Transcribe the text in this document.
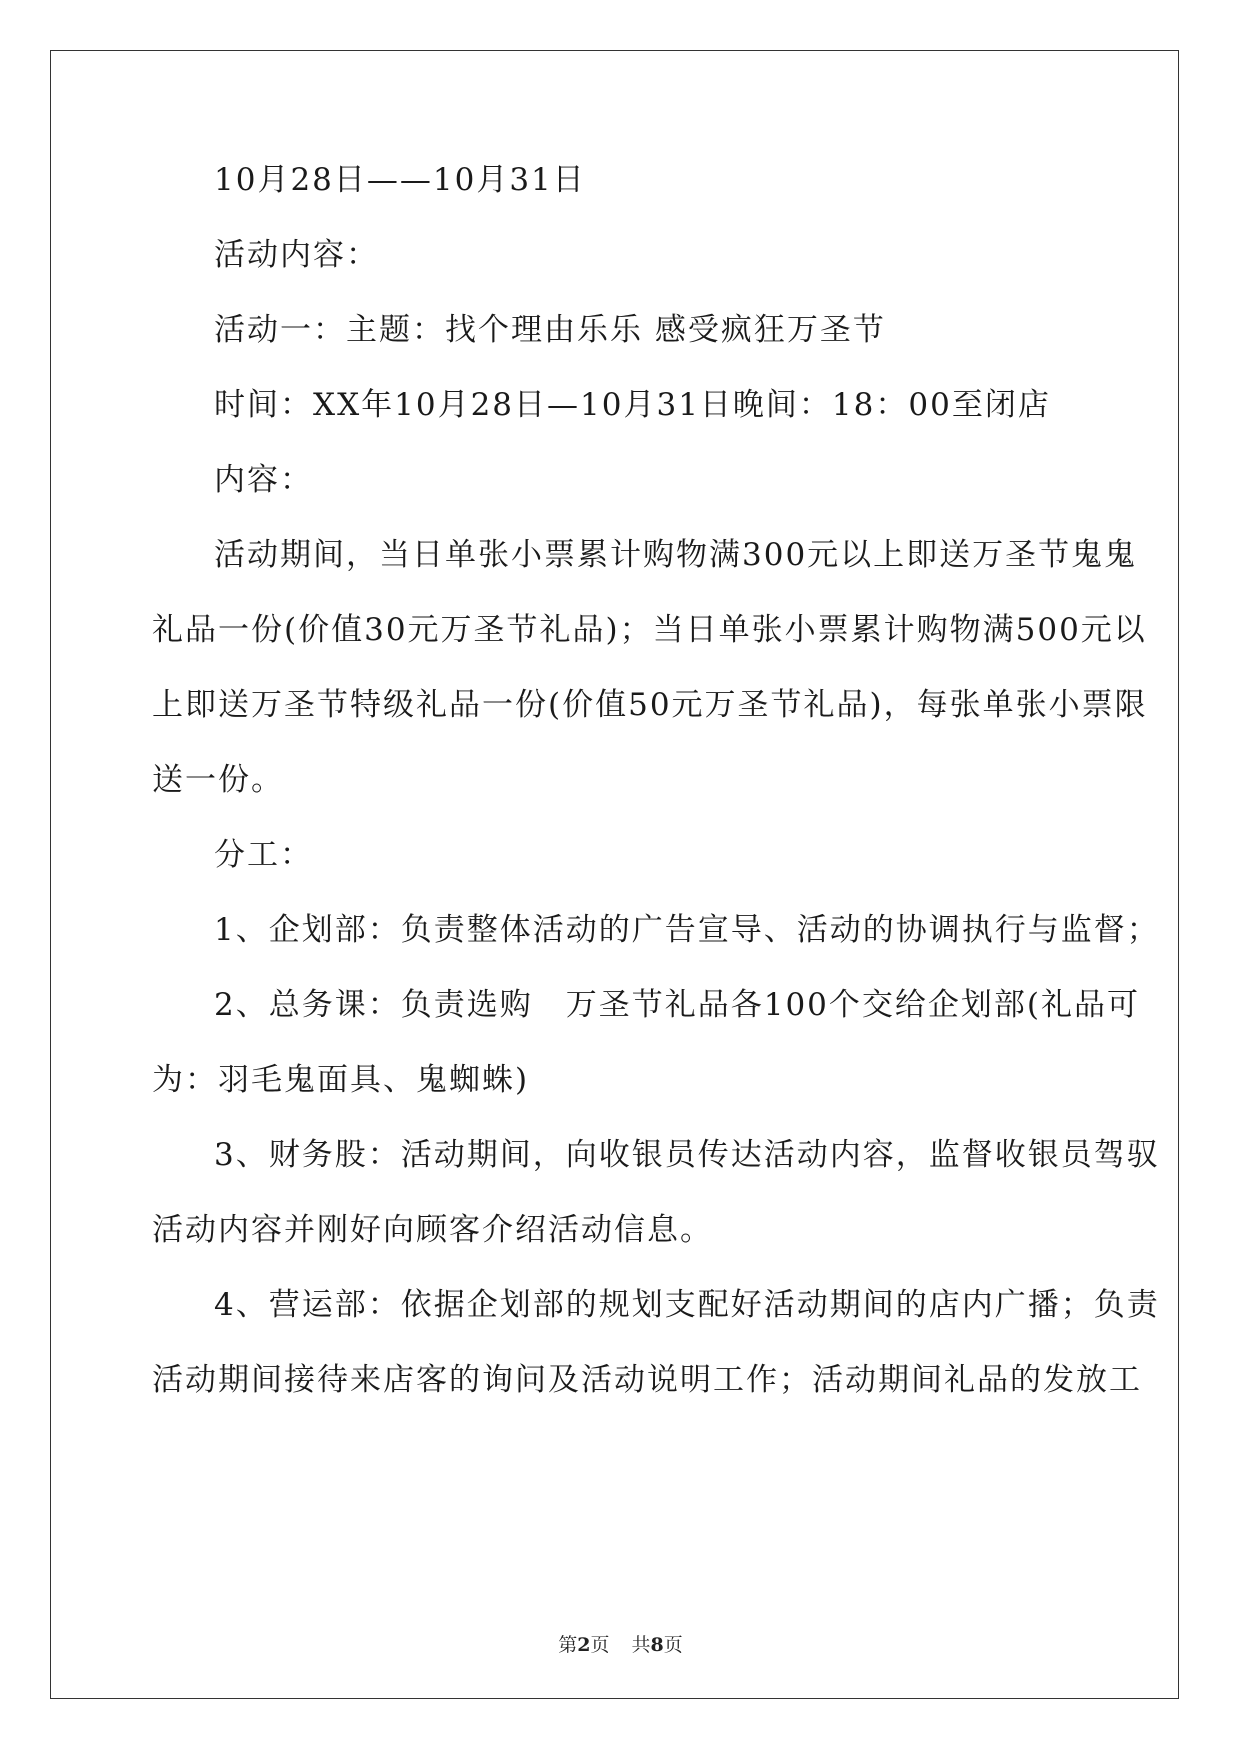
10月28日——10月31日
活动内容：
活动一：主题：找个理由乐乐 感受疯狂万圣节
时间：XX年10月28日—10月31日晚间：18：00至闭店
内容：
活动期间，当日单张小票累计购物满300元以上即送万圣节鬼鬼
礼品一份(价值30元万圣节礼品)；当日单张小票累计购物满500元以
上即送万圣节特级礼品一份(价值50元万圣节礼品)，每张单张小票限
送一份。
分工：
1、企划部：负责整体活动的广告宣导、活动的协调执行与监督；
2、总务课：负责选购　万圣节礼品各100个交给企划部(礼品可
为：羽毛鬼面具、鬼蜘蛛)
3、财务股：活动期间，向收银员传达活动内容，监督收银员驾驭
活动内容并刚好向顾客介绍活动信息。
4、营运部：依据企划部的规划支配好活动期间的店内广播；负责
活动期间接待来店客的询问及活动说明工作；活动期间礼品的发放工
第2页 共8页
